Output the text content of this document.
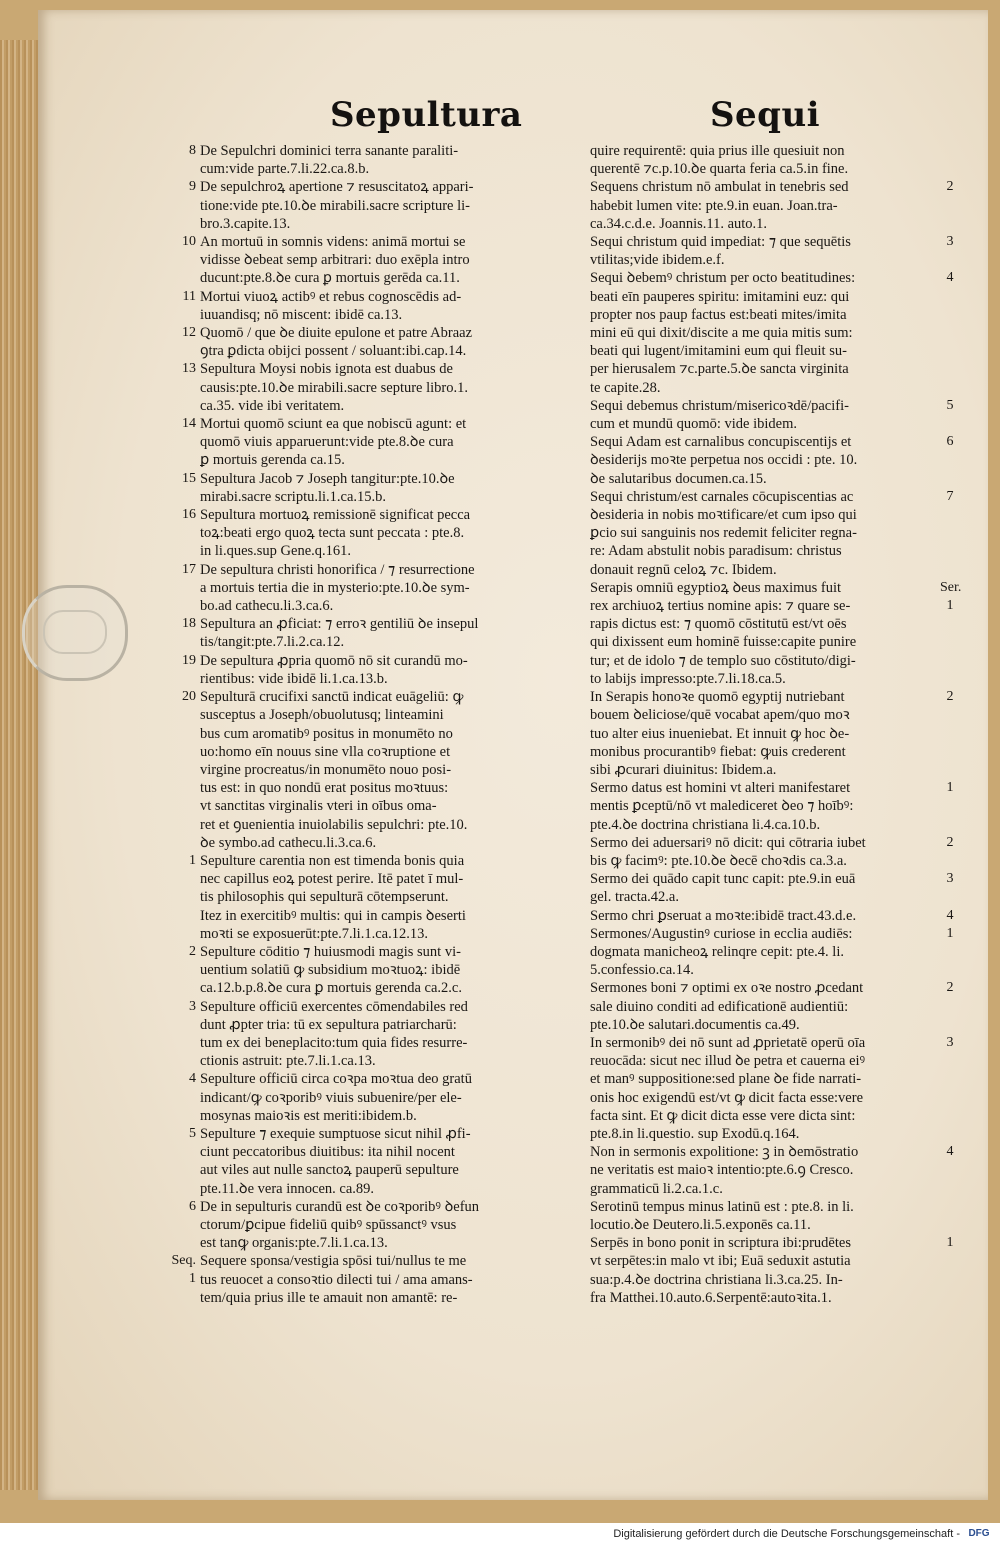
Sepultura	Sequi
8 De Sepulchri dominici terra sanante paraliti-
cum:vide parte.7.li.22.ca.8.b.
9 De sepulchroꝝ apertione ⁊ resuscitatoꝝ appari-
tione:vide pte.10.ꝺe mirabili.sacre scripture li-
bro.3.capite.13.
10 An mortuū in somnis videns: animā mortui se
vidisse ꝺebeat semp arbitrari: duo exēpla intro
ducunt:pte.8.ꝺe cura ꝑ mortuis gerēda ca.11.
11 Mortui viuoꝝ actibꝰ et rebus cognoscēdis ad-
iuuandisq; nō miscent: ibidē ca.13.
12 Quomō / que ꝺe diuite epulone et patre Abraaz
ꝯtra ꝑdicta obijci possent / soluant:ibi.cap.14.
13 Sepultura Moysi nobis ignota est duabus de
causis:pte.10.ꝺe mirabili.sacre septure libro.1.
ca.35. vide ibi veritatem.
14 Mortui quomō sciunt ea que nobiscū agunt: et
quomō viuis apparuerunt:vide pte.8.ꝺe cura
ꝑ mortuis gerenda ca.15.
15 Sepultura Jacob ⁊ Joseph tangitur:pte.10.ꝺe
mirabi.sacre scriptu.li.1.ca.15.b.
16 Sepultura mortuoꝝ remissionē significat pecca
toꝝ:beati ergo quoꝝ tecta sunt peccata : pte.8.
in li.ques.sup Gene.q.161.
17 De sepultura christi honorifica / ⁊ resurrectione
a mortuis tertia die in mysterio:pte.10.ꝺe sym-
bo.ad cathecu.li.3.ca.6.
18 Sepultura an ꝓficiat: ⁊ erroꝛ gentiliū ꝺe insepul
tis/tangit:pte.7.li.2.ca.12.
19 De sepultura ꝓpria quomō nō sit curandū mo-
rientibus: vide ibidē li.1.ca.13.b.
20 Sepulturā crucifixi sanctū indicat euāgeliū: ꝙ
susceptus a Joseph/obuolutusq; linteamini
bus cum aromatibꝰ positus in monumēto no
uo:homo eīn nouus sine vlla coꝛruptione et
virgine procreatus/in monumēto nouo posi-
tus est: in quo nondū erat positus moꝛtuus:
vt sanctitas virginalis vteri in oībus oma-
ret et ꝯuenientia inuiolabilis sepulchri: pte.10.
ꝺe symbo.ad cathecu.li.3.ca.6.
1 Sepulture carentia non est timenda bonis quia
nec capillus eoꝝ potest perire. Itē patet ī mul-
tis philosophis qui sepulturā cōtempserunt.
Itez in exercitibꝰ multis: qui in campis ꝺeserti
moꝛti se exposuerūt:pte.7.li.1.ca.12.13.
2 Sepulture cōditio ⁊ huiusmodi magis sunt vi-
uentium solatiū ꝙ subsidium moꝛtuoꝝ: ibidē
ca.12.b.p.8.ꝺe cura ꝑ mortuis gerenda ca.2.c.
3 Sepulture officiū exercentes cōmendabiles red
dunt ꝓpter tria: tū ex sepultura patriarcharū:
tum ex dei beneplacito:tum quia fides resurre-
ctionis astruit: pte.7.li.1.ca.13.
4 Sepulture officiū circa coꝛpa moꝛtua deo gratū
indicant/ꝙ coꝛporibꝰ viuis subuenire/per ele-
mosynas maioꝛis est meriti:ibidem.b.
5 Sepulture ⁊ exequie sumptuose sicut nihil ꝓfi-
ciunt peccatoribus diuitibus: ita nihil nocent
aut viles aut nulle sanctoꝝ pauperū sepulture
pte.11.ꝺe vera innocen. ca.89.
6 De in sepulturis curandū est ꝺe coꝛporibꝰ ꝺefun
ctorum/ꝑcipue fideliū quibꝰ spūssanctꝰ vsus
est tanꝙ organis:pte.7.li.1.ca.13.
Seq.
1
Sequere sponsa/vestigia spōsi tui/nullus te me
tus reuocet a consoꝛtio dilecti tui / ama amans-
tem/quia prius ille te amauit non amantē: re-
quire requirentē: quia prius ille quesiuit non
querentē ⁊c.p.10.ꝺe quarta feria ca.5.in fine.
2
Sequens christum nō ambulat in tenebris sed
habebit lumen vite: pte.9.in euan. Joan.tra-
ca.34.c.d.e. Joannis.11. auto.1.
3
Sequi christum quid impediat: ⁊ que sequētis
vtilitas;vide ibidem.e.f.
4
Sequi ꝺebemꝰ christum per octo beatitudines:
beati eīn pauperes spiritu: imitamini euz: qui
propter nos paup factus est:beati mites/imita
mini eū qui dixit/discite a me quia mitis sum:
beati qui lugent/imitamini eum qui fleuit su-
per hierusalem ⁊c.parte.5.ꝺe sancta virginita
te capite.28.
5
Sequi debemus christum/misericoꝛdē/pacifi-
cum et mundū quomō: vide ibidem.
6
Sequi Adam est carnalibus concupiscentijs et
ꝺesiderijs moꝛte perpetua nos occidi : pte. 10.
ꝺe salutaribus documen.ca.15.
7
Sequi christum/est carnales cōcupiscentias ac
ꝺesideria in nobis moꝛtificare/et cum ipso qui
ꝑcio sui sanguinis nos redemit feliciter regna-
re: Adam abstulit nobis paradisum: christus
donauit regnū celoꝝ ⁊c. Ibidem.
Ser.
1
Serapis omniū egyptioꝝ ꝺeus maximus fuit
rex archiuoꝝ tertius nomine apis: ⁊ quare se-
rapis dictus est: ⁊ quomō cōstitutū est/vt oēs
qui dixissent eum hominē fuisse:capite punire
tur; et de idolo ⁊ de templo suo cōstituto/digi-
to labijs impresso:pte.7.li.18.ca.5.
2
In Serapis honoꝛe quomō egyptij nutriebant
bouem ꝺeliciose/quē vocabat apem/quo moꝛ
tuo alter eius inueniebat. Et innuit ꝙ hoc ꝺe-
monibus procurantibꝰ fiebat: ꝙuis crederent
sibi ꝓcurari diuinitus: Ibidem.a.
1
Sermo datus est homini vt alteri manifestaret
mentis ꝑceptū/nō vt malediceret ꝺeo ⁊ hoībꝰ:
pte.4.ꝺe doctrina christiana li.4.ca.10.b.
2
Sermo dei aduersariꝰ nō dicit: qui cōtraria iubet
bis ꝙ facimꝰ: pte.10.ꝺe ꝺecē choꝛdis ca.3.a.
3
Sermo dei quādo capit tunc capit: pte.9.in euā
gel. tracta.42.a.
4
Sermo chri ꝑseruat a moꝛte:ibidē tract.43.d.e.
1
Sermones/Augustinꝰ curiose in ecclia audiēs:
dogmata manicheoꝝ relinqre cepit: pte.4. li.
5.confessio.ca.14.
2
Sermones boni ⁊ optimi ex oꝛe nostro ꝓcedant
sale diuino conditi ad edificationē audientiū:
pte.10.ꝺe salutari.documentis ca.49.
3
In sermonibꝰ dei nō sunt ad ꝓprietatē operū oīa
reuocāda: sicut nec illud ꝺe petra et cauerna eiꝰ
et manꝰ suppositione:sed plane ꝺe fide narrati-
onis hoc exigendū est/vt ꝙ dicit facta esse:vere
facta sint. Et ꝙ dicit dicta esse vere dicta sint:
pte.8.in li.questio. sup Exodū.q.164.
4
Non in sermonis expolitione: ꝫ in ꝺemōstratio
ne veritatis est maioꝛ intentio:pte.6.ꝯ Cresco.
grammaticū li.2.ca.1.c.
Serotinū tempus minus latinū est : pte.8. in li.
locutio.ꝺe Deutero.li.5.exponēs ca.11.
1
Serpēs in bono ponit in scriptura ibi:prudētes
vt serpētes:in malo vt ibi; Euā seduxit astutia
sua:p.4.ꝺe doctrina christiana li.3.ca.25. In-
fra Matthei.10.auto.6.Serpentē:autoꝛita.1.
Digitalisierung gefördert durch die Deutsche Forschungsgemeinschaft - DFG
